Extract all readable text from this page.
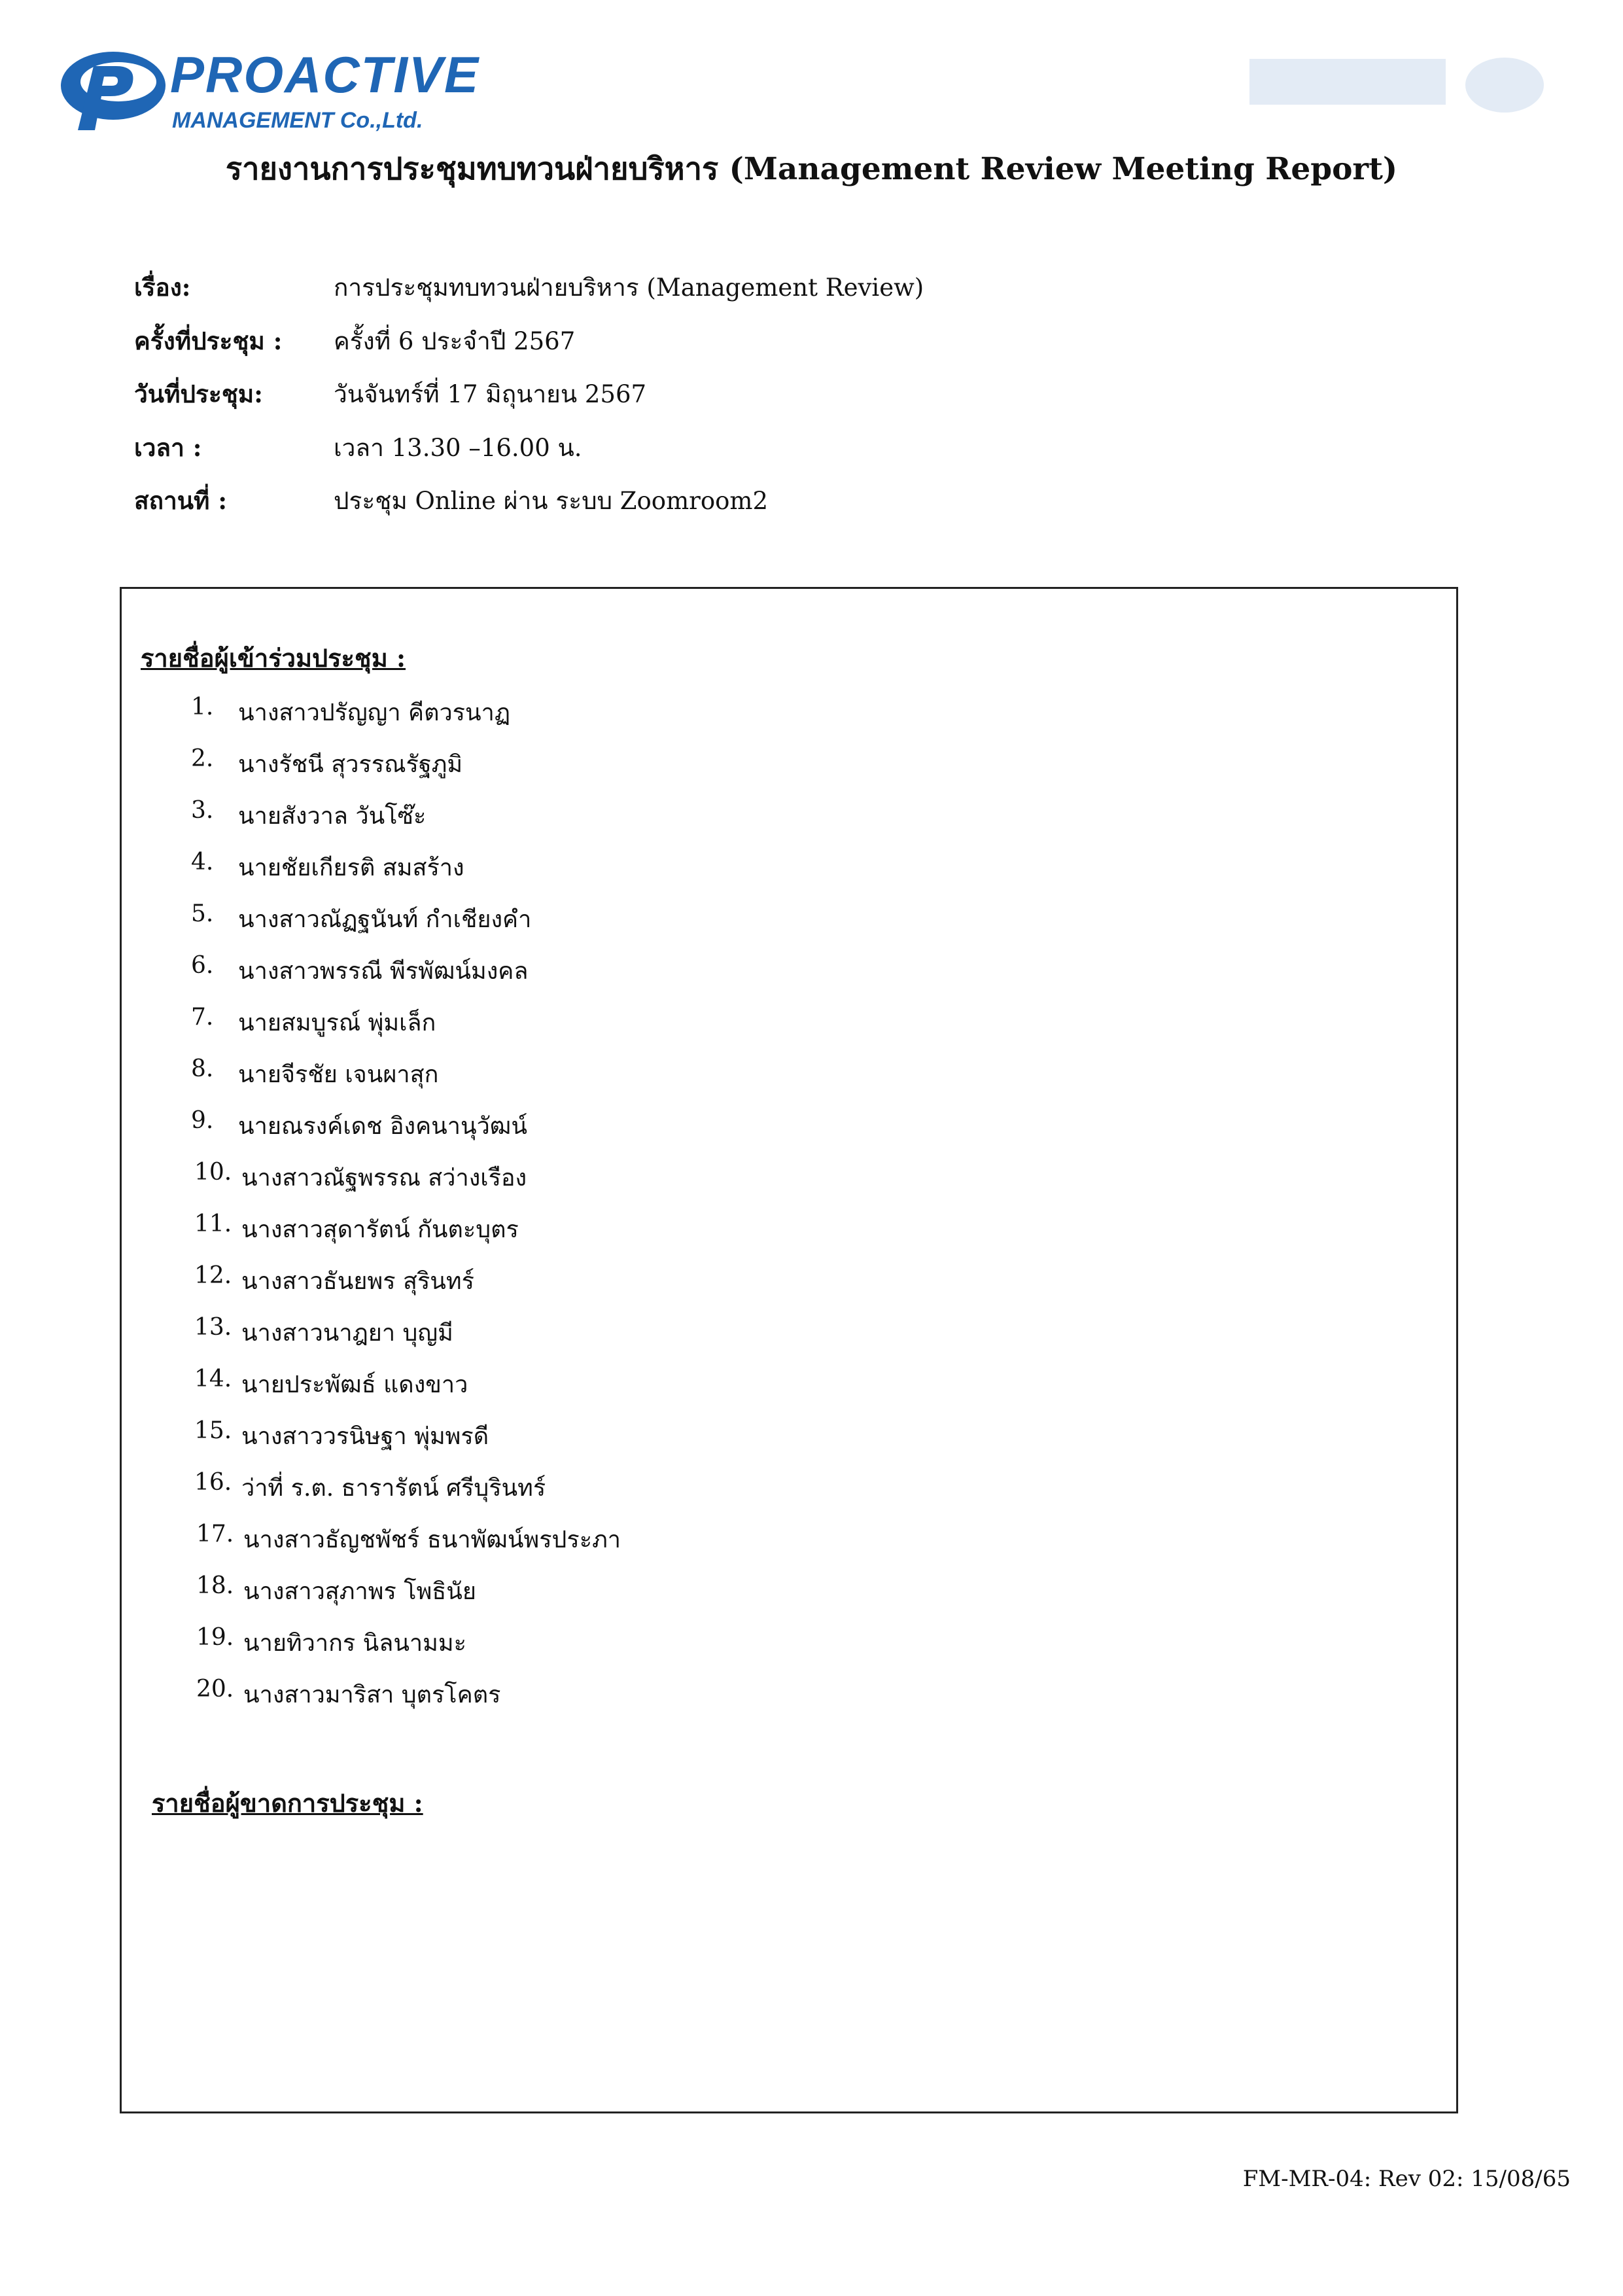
PROACTIVE
MANAGEMENT Co.,Ltd.
รายงานการประชุมทบทวนฝ่ายบริหาร (Management Review Meeting Report)
เรื่อง:	การประชุมทบทวนฝ่ายบริหาร (Management Review)
ครั้งที่ประชุม : ครั้งที่ 6 ประจำปี 2567
วันที่ประชุม:	วันจันทร์ที่ 17 มิถุนายน 2567
เวลา :	เวลา 13.30 –16.00 น.
สถานที่ :	ประชุม Online ผ่าน ระบบ Zoomroom2
รายชื่อผู้เข้าร่วมประชุม :
1. นางสาวปรัญญา คีตวรนาฏ
2. นางรัชนี สุวรรณรัฐภูมิ
3. นายสังวาล วันโซ๊ะ
4. นายชัยเกียรติ สมสร้าง
5. นางสาวณัฏฐนันท์ กำเชียงคำ
6. นางสาวพรรณี พีรพัฒน์มงคล
7. นายสมบูรณ์ พุ่มเล็ก
8. นายจีรชัย เจนผาสุก
9. นายณรงค์เดช อิงคนานุวัฒน์
10. นางสาวณัฐพรรณ สว่างเรือง
11. นางสาวสุดารัตน์ กันตะบุตร
12. นางสาวธันยพร สุรินทร์
13. นางสาวนาฎยา บุญมี
14. นายประพัฒธ์ แดงขาว
15. นางสาววรนิษฐา พุ่มพรดี
16. ว่าที่ ร.ต. ธารารัตน์ ศรีบุรินทร์
17. นางสาวธัญชพัชร์ ธนาพัฒน์พรประภา
18. นางสาวสุภาพร โพธินัย
19. นายทิวากร นิลนามมะ
20. นางสาวมาริสา บุตรโคตร
รายชื่อผู้ขาดการประชุม :
FM-MR-04: Rev 02: 15/08/65
